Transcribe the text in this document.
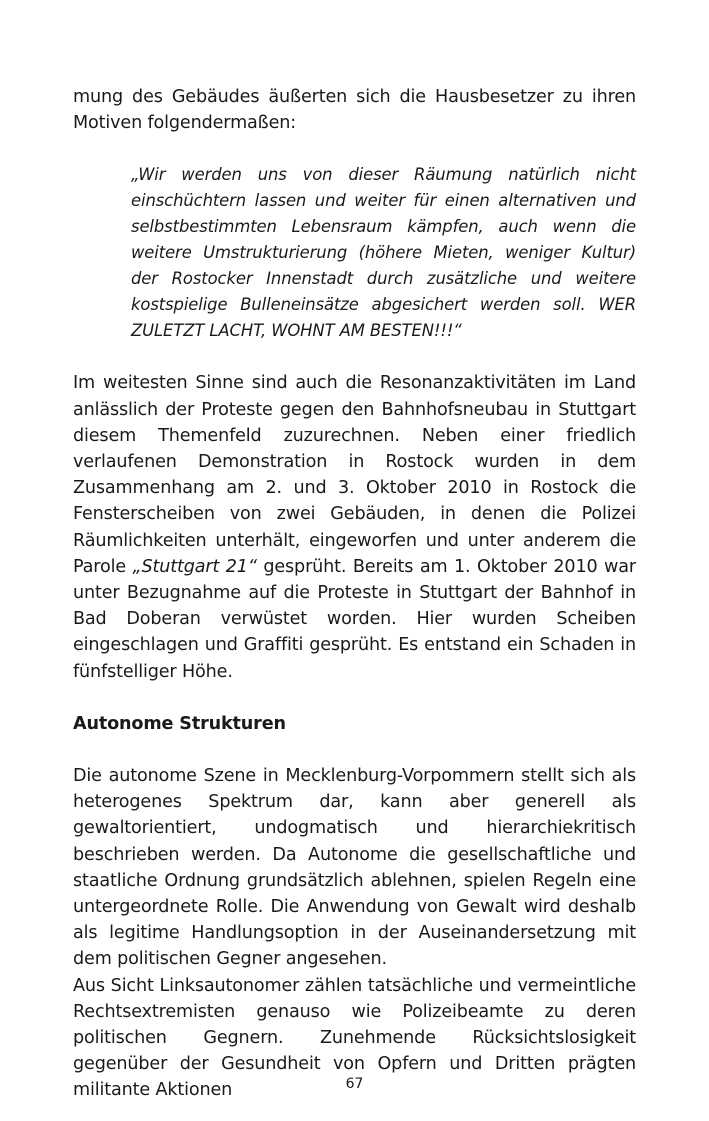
mung des Gebäudes äußerten sich die Hausbesetzer zu ihren Motiven folgendermaßen:

„Wir werden uns von dieser Räumung natürlich nicht einschüchtern lassen und weiter für einen alternativen und selbstbestimmten Lebensraum kämpfen, auch wenn die weitere Umstrukturierung (höhere Mieten, weniger Kultur) der Rostocker Innenstadt durch zusätzliche und weitere kostspielige Bulleneinsätze abgesichert werden soll. WER ZULETZT LACHT, WOHNT AM BESTEN!!!“

Im weitesten Sinne sind auch die Resonanzaktivitäten im Land anlässlich der Proteste gegen den Bahnhofsneubau in Stuttgart diesem Themenfeld zuzurechnen. Neben einer friedlich verlaufenen Demonstration in Rostock wurden in dem Zusammenhang am 2. und 3. Oktober 2010 in Rostock die Fensterscheiben von zwei Gebäuden, in denen die Polizei Räumlichkeiten unterhält, eingeworfen und unter anderem die Parole „Stuttgart 21“ gesprüht. Bereits am 1. Oktober 2010 war unter Bezugnahme auf die Proteste in Stuttgart der Bahnhof in Bad Doberan verwüstet worden. Hier wurden Scheiben eingeschlagen und Graffiti gesprüht. Es entstand ein Schaden in fünfstelliger Höhe.

Autonome Strukturen

Die autonome Szene in Mecklenburg-Vorpommern stellt sich als heterogenes Spektrum dar, kann aber generell als gewaltorientiert, undogmatisch und hierarchiekritisch beschrieben werden. Da Autonome die gesellschaftliche und staatliche Ordnung grundsätzlich ablehnen, spielen Regeln eine untergeordnete Rolle. Die Anwendung von Gewalt wird deshalb als legitime Handlungsoption in der Auseinandersetzung mit dem politischen Gegner angesehen.

Aus Sicht Linksautonomer zählen tatsächliche und vermeintliche Rechtsextremisten genauso wie Polizeibeamte zu deren politischen Gegnern. Zunehmende Rücksichtslosigkeit gegenüber der Gesundheit von Opfern und Dritten prägten militante Aktionen	67
